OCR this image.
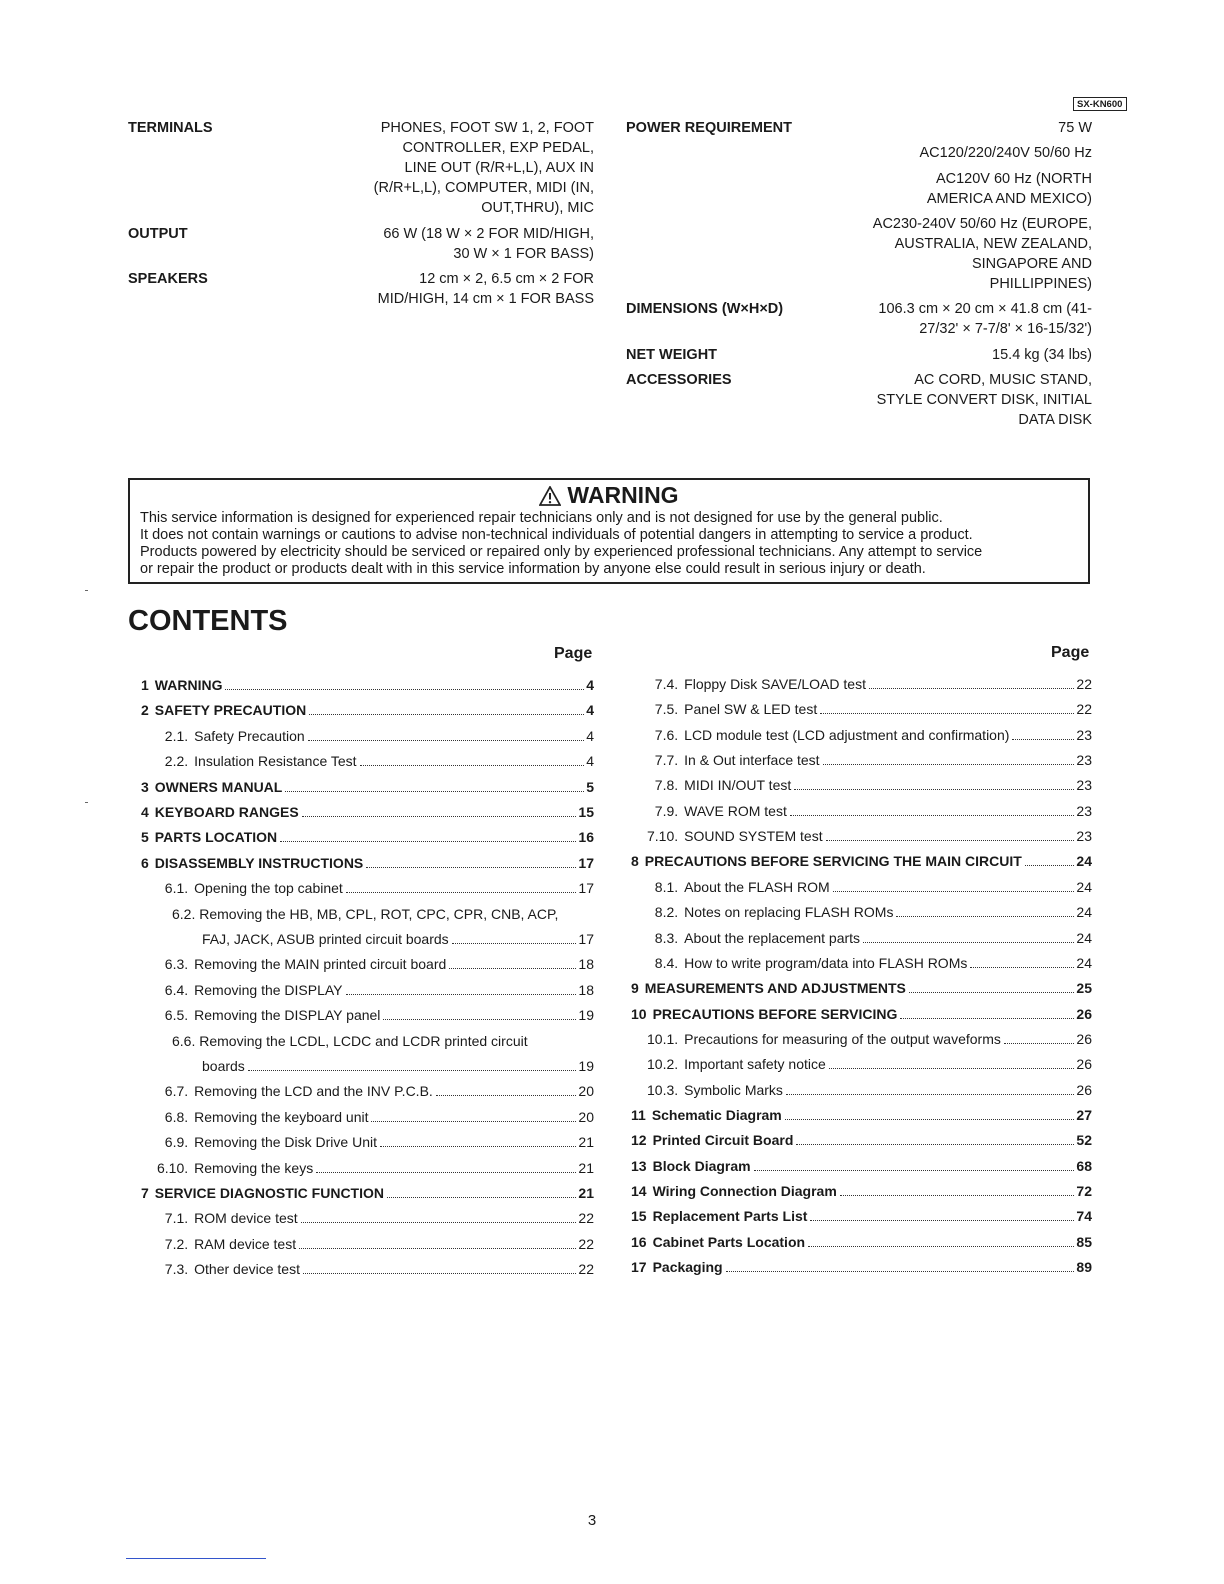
SX-KN600
TERMINALS	PHONES, FOOT SW 1, 2, FOOT
CONTROLLER, EXP PEDAL,
LINE OUT (R/R+L,L), AUX IN
(R/R+L,L), COMPUTER, MIDI (IN,
OUT,THRU), MIC
OUTPUT	66 W (18 W × 2 FOR MID/HIGH,
30 W × 1 FOR BASS)
SPEAKERS	12 cm × 2, 6.5 cm × 2 FOR
MID/HIGH, 14 cm × 1 FOR BASS
POWER REQUIREMENT	75 W
AC120/220/240V 50/60 Hz
AC120V 60 Hz (NORTH
AMERICA AND MEXICO)
AC230-240V 50/60 Hz (EUROPE,
AUSTRALIA, NEW ZEALAND,
SINGAPORE AND
PHILLIPPINES)
DIMENSIONS (W×H×D)	106.3 cm × 20 cm × 41.8 cm (41-
27/32' × 7-7/8' × 16-15/32')
NET WEIGHT	15.4 kg (34 lbs)
ACCESSORIES	AC CORD, MUSIC STAND,
STYLE CONVERT DISK, INITIAL
DATA DISK
WARNING
This service information is designed for experienced repair technicians only and is not designed for use by the general public.
It does not contain warnings or cautions to advise non-technical individuals of potential dangers in attempting to service a product.
Products powered by electricity should be serviced or repaired only by experienced professional technicians. Any attempt to service
or repair the product or products dealt with in this service information by anyone else could result in serious injury or death.
CONTENTS
Page	Page
1 WARNING	4
2 SAFETY PRECAUTION	4
2.1. Safety Precaution	4
2.2. Insulation Resistance Test	4
3 OWNERS MANUAL	5
4 KEYBOARD RANGES	15
5 PARTS LOCATION	16
6 DISASSEMBLY INSTRUCTIONS	17
6.1. Opening the top cabinet	17
6.2. Removing the HB, MB, CPL, ROT, CPC, CPR, CNB, ACP,
FAJ, JACK, ASUB printed circuit boards	17
6.3. Removing the MAIN printed circuit board	18
6.4. Removing the DISPLAY	18
6.5. Removing the DISPLAY panel	19
6.6. Removing the LCDL, LCDC and LCDR printed circuit
boards	19
6.7. Removing the LCD and the INV P.C.B.	20
6.8. Removing the keyboard unit	20
6.9. Removing the Disk Drive Unit	21
6.10. Removing the keys	21
7 SERVICE DIAGNOSTIC FUNCTION	21
7.1. ROM device test	22
7.2. RAM device test	22
7.3. Other device test	22
7.4. Floppy Disk SAVE/LOAD test	22
7.5. Panel SW & LED test	22
7.6. LCD module test (LCD adjustment and confirmation)	23
7.7. In & Out interface test	23
7.8. MIDI IN/OUT test	23
7.9. WAVE ROM test	23
7.10. SOUND SYSTEM test	23
8 PRECAUTIONS BEFORE SERVICING THE MAIN CIRCUIT	24
8.1. About the FLASH ROM	24
8.2. Notes on replacing FLASH ROMs	24
8.3. About the replacement parts	24
8.4. How to write program/data into FLASH ROMs	24
9 MEASUREMENTS AND ADJUSTMENTS	25
10 PRECAUTIONS BEFORE SERVICING	26
10.1. Precautions for measuring of the output waveforms	26
10.2. Important safety notice	26
10.3. Symbolic Marks	26
11 Schematic Diagram	27
12 Printed Circuit Board	52
13 Block Diagram	68
14 Wiring Connection Diagram	72
15 Replacement Parts List	74
16 Cabinet Parts Location	85
17 Packaging	89
3
